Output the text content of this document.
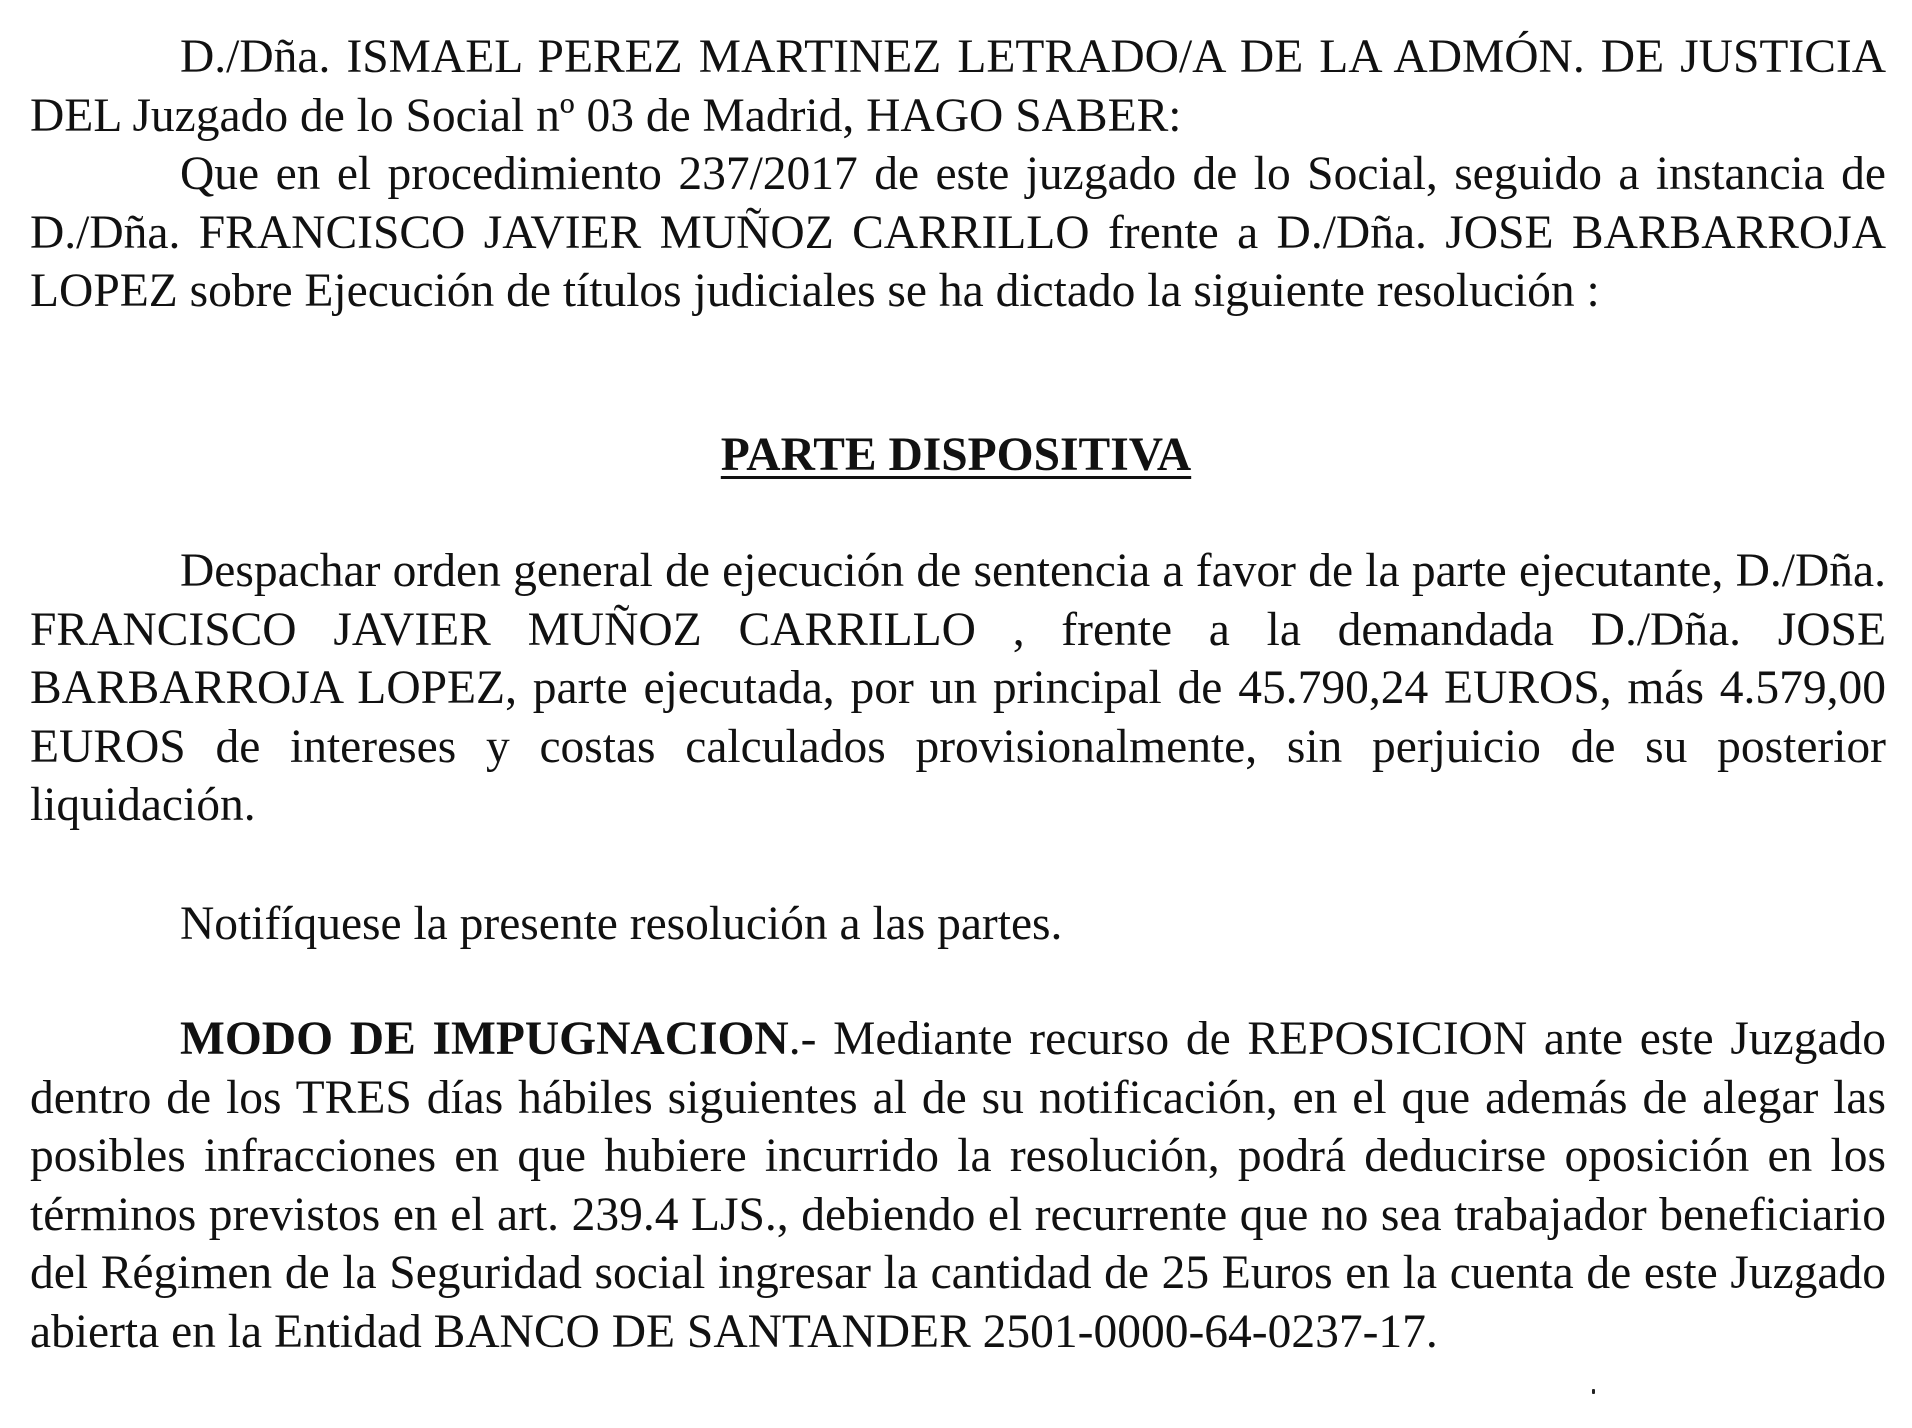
D./Dña. ISMAEL PEREZ MARTINEZ LETRADO/A DE LA ADMÓN. DE JUSTICIA DEL Juzgado de lo Social nº 03 de Madrid, HAGO SABER:

Que en el procedimiento 237/2017 de este juzgado de lo Social, seguido a instancia de D./Dña. FRANCISCO JAVIER MUÑOZ CARRILLO frente a D./Dña. JOSE BARBARROJA LOPEZ sobre Ejecución de títulos judiciales se ha dictado la siguiente resolución :

PARTE DISPOSITIVA

Despachar orden general de ejecución de sentencia a favor de la parte ejecutante, D./Dña. FRANCISCO JAVIER MUÑOZ CARRILLO , frente a la demandada D./Dña. JOSE BARBARROJA LOPEZ, parte ejecutada, por un principal de 45.790,24 EUROS, más 4.579,00 EUROS de intereses y costas calculados provisionalmente, sin perjuicio de su posterior liquidación.

Notifíquese la presente resolución a las partes.

MODO DE IMPUGNACION.- Mediante recurso de REPOSICION ante este Juzgado dentro de los TRES días hábiles siguientes al de su notificación, en el que además de alegar las posibles infracciones en que hubiere incurrido la resolución, podrá deducirse oposición en los términos previstos en el art. 239.4 LJS., debiendo el recurrente que no sea trabajador beneficiario del Régimen de la Seguridad social ingresar la cantidad de 25 Euros en la cuenta de este Juzgado abierta en la Entidad BANCO DE SANTANDER 2501-0000-64-0237-17.
